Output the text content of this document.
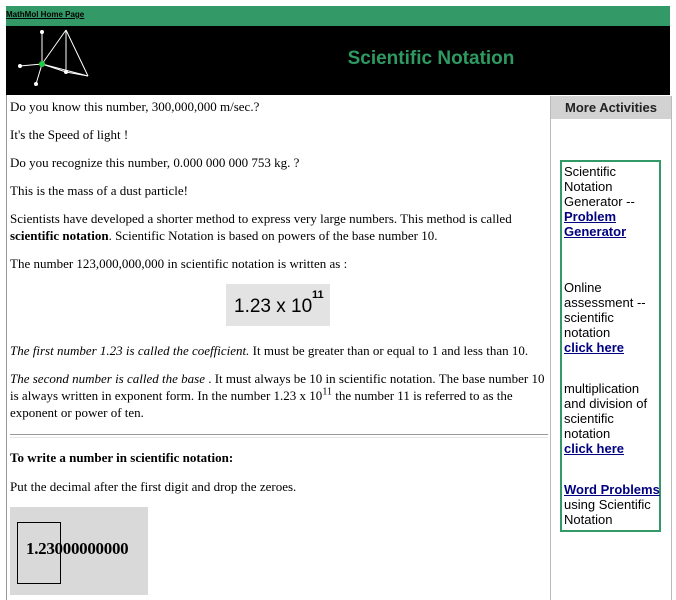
MathMol Home Page
Scientific Notation

Do you know this number, 300,000,000 m/sec.?

It's the Speed of light !

Do you recognize this number, 0.000 000 000 753 kg. ?

This is the mass of a dust particle!

Scientists have developed a shorter method to express very large numbers. This method is called scientific notation. Scientific Notation is based on powers of the base number 10.

The number 123,000,000,000 in scientific notation is written as :

1.23 x 10
11

The first number 1.23 is called the coefficient. It must be greater than or equal to 1 and less than 10.

The second number is called the base . It must always be 10 in scientific notation. The base number 10 is always written in exponent form. In the number 1.23 x $10^{11}$ the number 11 is referred to as the exponent or power of ten.

To write a number in scientific notation:

Put the decimal after the first digit and drop the zeroes.

1.23000000000
More Activities
Scientific Notation Generator --
Problem Generator
Online assessment -- scientific notation
click here
multiplication and division of scientific notation
click here
Word Problems
using Scientific Notation
